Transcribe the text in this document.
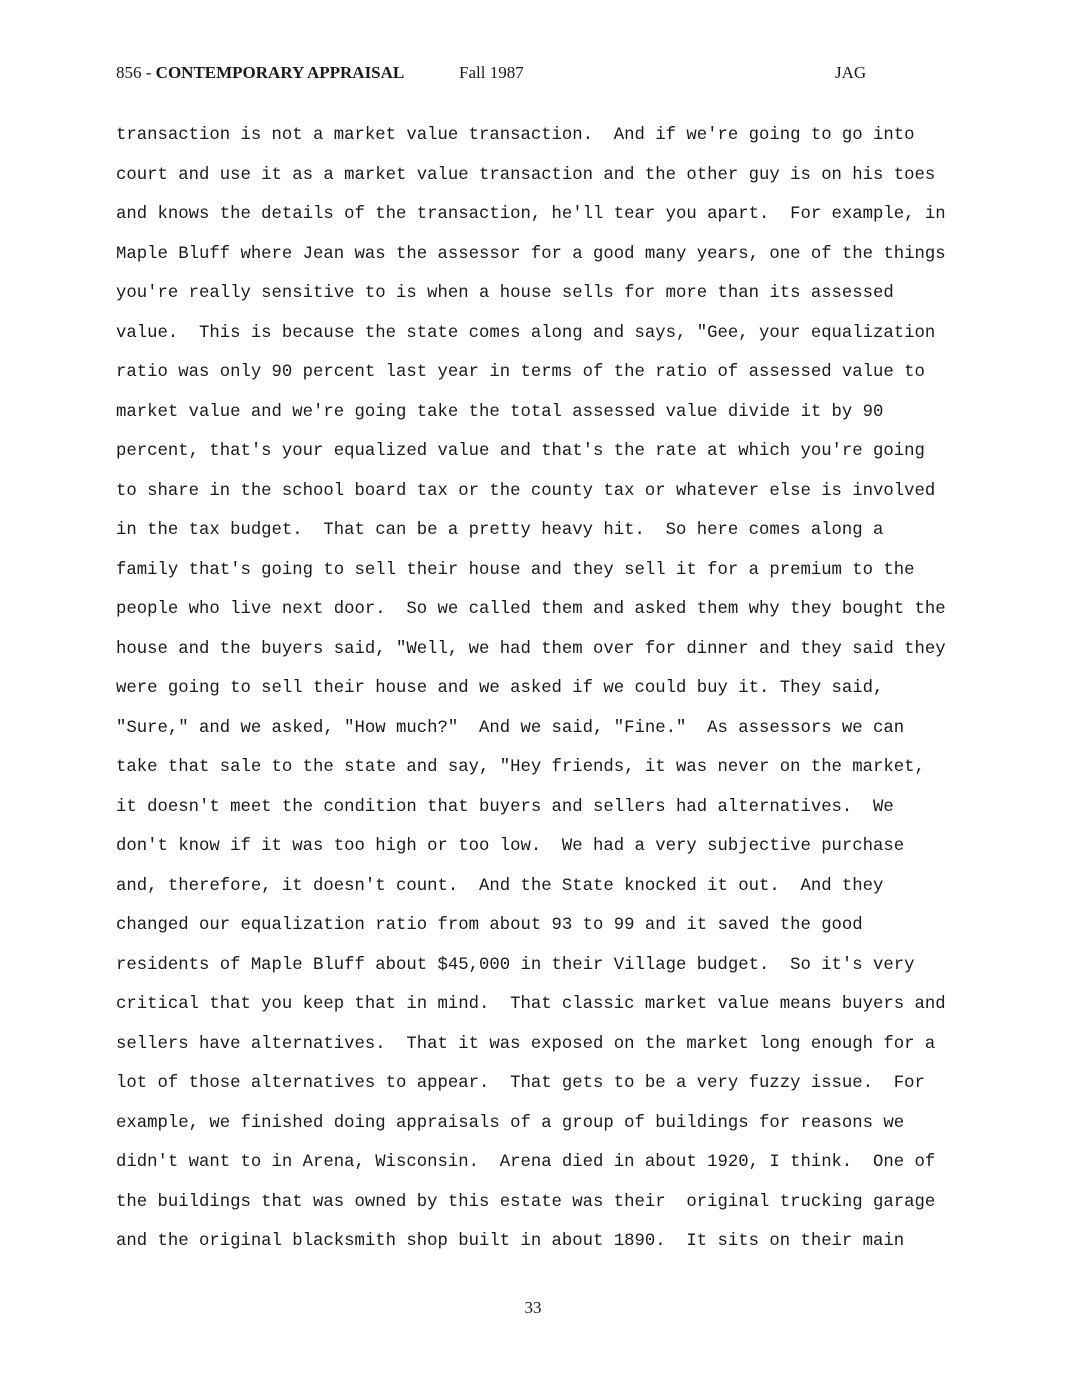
856 - CONTEMPORARY APPRAISAL	Fall 1987	JAG
transaction is not a market value transaction.  And if we're going to go into
court and use it as a market value transaction and the other guy is on his toes
and knows the details of the transaction, he'll tear you apart.  For example, in
Maple Bluff where Jean was the assessor for a good many years, one of the things
you're really sensitive to is when a house sells for more than its assessed
value.  This is because the state comes along and says, "Gee, your equalization
ratio was only 90 percent last year in terms of the ratio of assessed value to
market value and we're going take the total assessed value divide it by 90
percent, that's your equalized value and that's the rate at which you're going
to share in the school board tax or the county tax or whatever else is involved
in the tax budget.  That can be a pretty heavy hit.  So here comes along a
family that's going to sell their house and they sell it for a premium to the
people who live next door.  So we called them and asked them why they bought the
house and the buyers said, "Well, we had them over for dinner and they said they
were going to sell their house and we asked if we could buy it. They said,
"Sure," and we asked, "How much?"  And we said, "Fine."  As assessors we can
take that sale to the state and say, "Hey friends, it was never on the market,
it doesn't meet the condition that buyers and sellers had alternatives.  We
don't know if it was too high or too low.  We had a very subjective purchase
and, therefore, it doesn't count.  And the State knocked it out.  And they
changed our equalization ratio from about 93 to 99 and it saved the good
residents of Maple Bluff about $45,000 in their Village budget.  So it's very
critical that you keep that in mind.  That classic market value means buyers and
sellers have alternatives.  That it was exposed on the market long enough for a
lot of those alternatives to appear.  That gets to be a very fuzzy issue.  For
example, we finished doing appraisals of a group of buildings for reasons we
didn't want to in Arena, Wisconsin.  Arena died in about 1920, I think.  One of
the buildings that was owned by this estate was their  original trucking garage
and the original blacksmith shop built in about 1890.  It sits on their main
33
